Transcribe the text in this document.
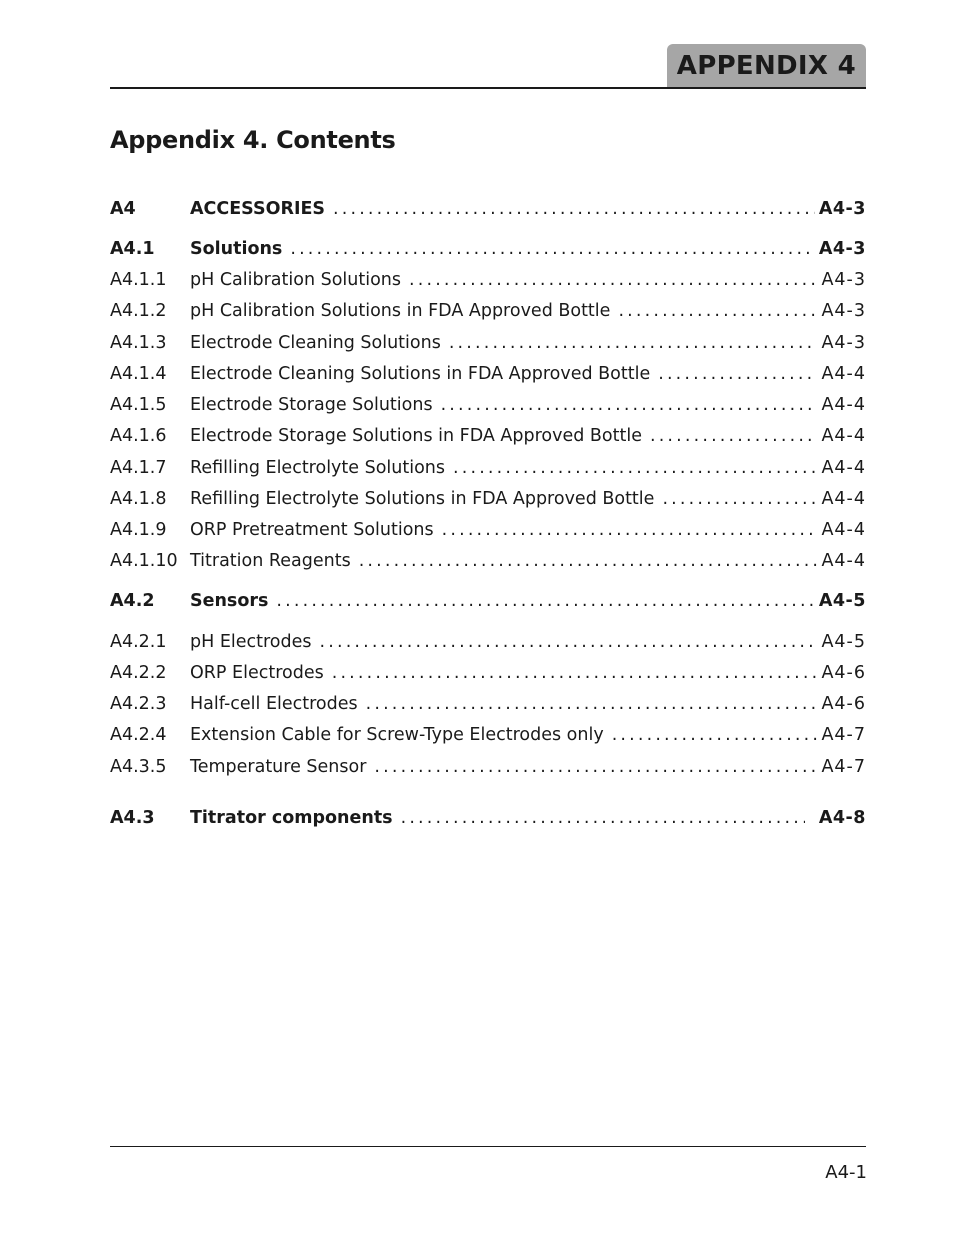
APPENDIX 4
Appendix 4. Contents
A4	ACCESSORIES . . .	A4-3
A4.1	Solutions . . .	A4-3
A4.1.1	pH Calibration Solutions . . .	A4-3
A4.1.2	pH Calibration Solutions in FDA Approved Bottle . . .	A4-3
A4.1.3	Electrode Cleaning Solutions . . .	A4-3
A4.1.4	Electrode Cleaning Solutions in FDA Approved Bottle . . .	A4-4
A4.1.5	Electrode Storage Solutions . . .	A4-4
A4.1.6	Electrode Storage Solutions in FDA Approved Bottle . . .	A4-4
A4.1.7	Refilling Electrolyte Solutions . . .	A4-4
A4.1.8	Refilling Electrolyte Solutions in FDA Approved Bottle . . .	A4-4
A4.1.9	ORP Pretreatment Solutions . . .	A4-4
A4.1.10 Titration Reagents . . .	A4-4
A4.2	Sensors . . .	A4-5
A4.2.1	pH Electrodes . . .	A4-5
A4.2.2	ORP Electrodes . . .	A4-6
A4.2.3	Half-cell Electrodes . . .	A4-6
A4.2.4	Extension Cable for Screw-Type Electrodes only . . .	A4-7
A4.3.5	Temperature Sensor . . .	A4-7
A4.3	Titrator components . . .	A4-8
A4-1
